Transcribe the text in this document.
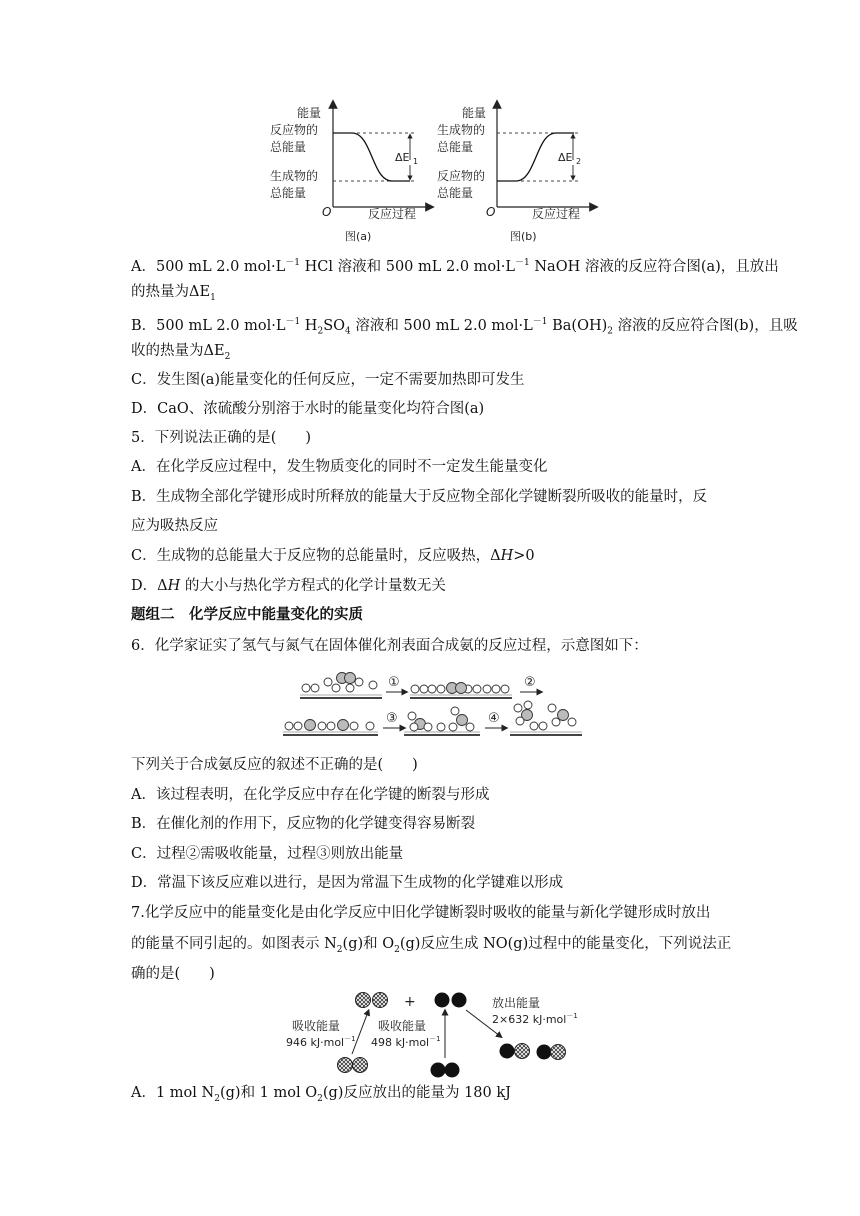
能量
反应物的
总能量
生成物的
总能量
O	反应过程
ΔE 1
图(a)
能量
生成物的
总能量
反应物的
总能量
O	反应过程
ΔE 2
图(b)
A．500 mL 2.0 $mol\cdot L^{-1}$ HCl 溶液和 500 mL 2.0 $mol\cdot L^{-1}$ NaOH 溶液的反应符合图(a)，且放出
的热量为$\Delta E_1$
B．500 mL 2.0 $mol\cdot L^{-1}$ $H_2SO_4$ 溶液和 500 mL 2.0 $mol\cdot L^{-1}$ $Ba(OH)_2$ 溶液的反应符合图(b)，且吸
收的热量为$\Delta E_2$
C．发生图(a)能量变化的任何反应，一定不需要加热即可发生
D．CaO、浓硫酸分别溶于水时的能量变化均符合图(a)
5．下列说法正确的是(　　)
A．在化学反应过程中，发生物质变化的同时不一定发生能量变化
B．生成物全部化学键形成时所释放的能量大于反应物全部化学键断裂所吸收的能量时，反
应为吸热反应
C．生成物的总能量大于反应物的总能量时，反应吸热，ΔH>0
D．ΔH 的大小与热化学方程式的化学计量数无关
题组二　化学反应中能量变化的实质
6．化学家证实了氢气与氮气在固体催化剂表面合成氨的反应过程，示意图如下：
①	②
③	④
下列关于合成氨反应的叙述不正确的是(　　)
A．该过程表明，在化学反应中存在化学键的断裂与形成
B．在催化剂的作用下，反应物的化学键变得容易断裂
C．过程②需吸收能量，过程③则放出能量
D．常温下该反应难以进行，是因为常温下生成物的化学键难以形成
7.化学反应中的能量变化是由化学反应中旧化学键断裂时吸收的能量与新化学键形成时放出
的能量不同引起的。如图表示 $N_2(g)$和 $O_2(g)$反应生成 NO(g)过程中的能量变化，下列说法正
确的是(　　)
+
吸收能量
946 kJ·mol$^{-1}$
吸收能量
498 kJ·mol$^{-1}$
放出能量
2×632 kJ·mol$^{-1}$
A．1 mol $N_2(g)$和 1 mol $O_2(g)$反应放出的能量为 180 kJ
